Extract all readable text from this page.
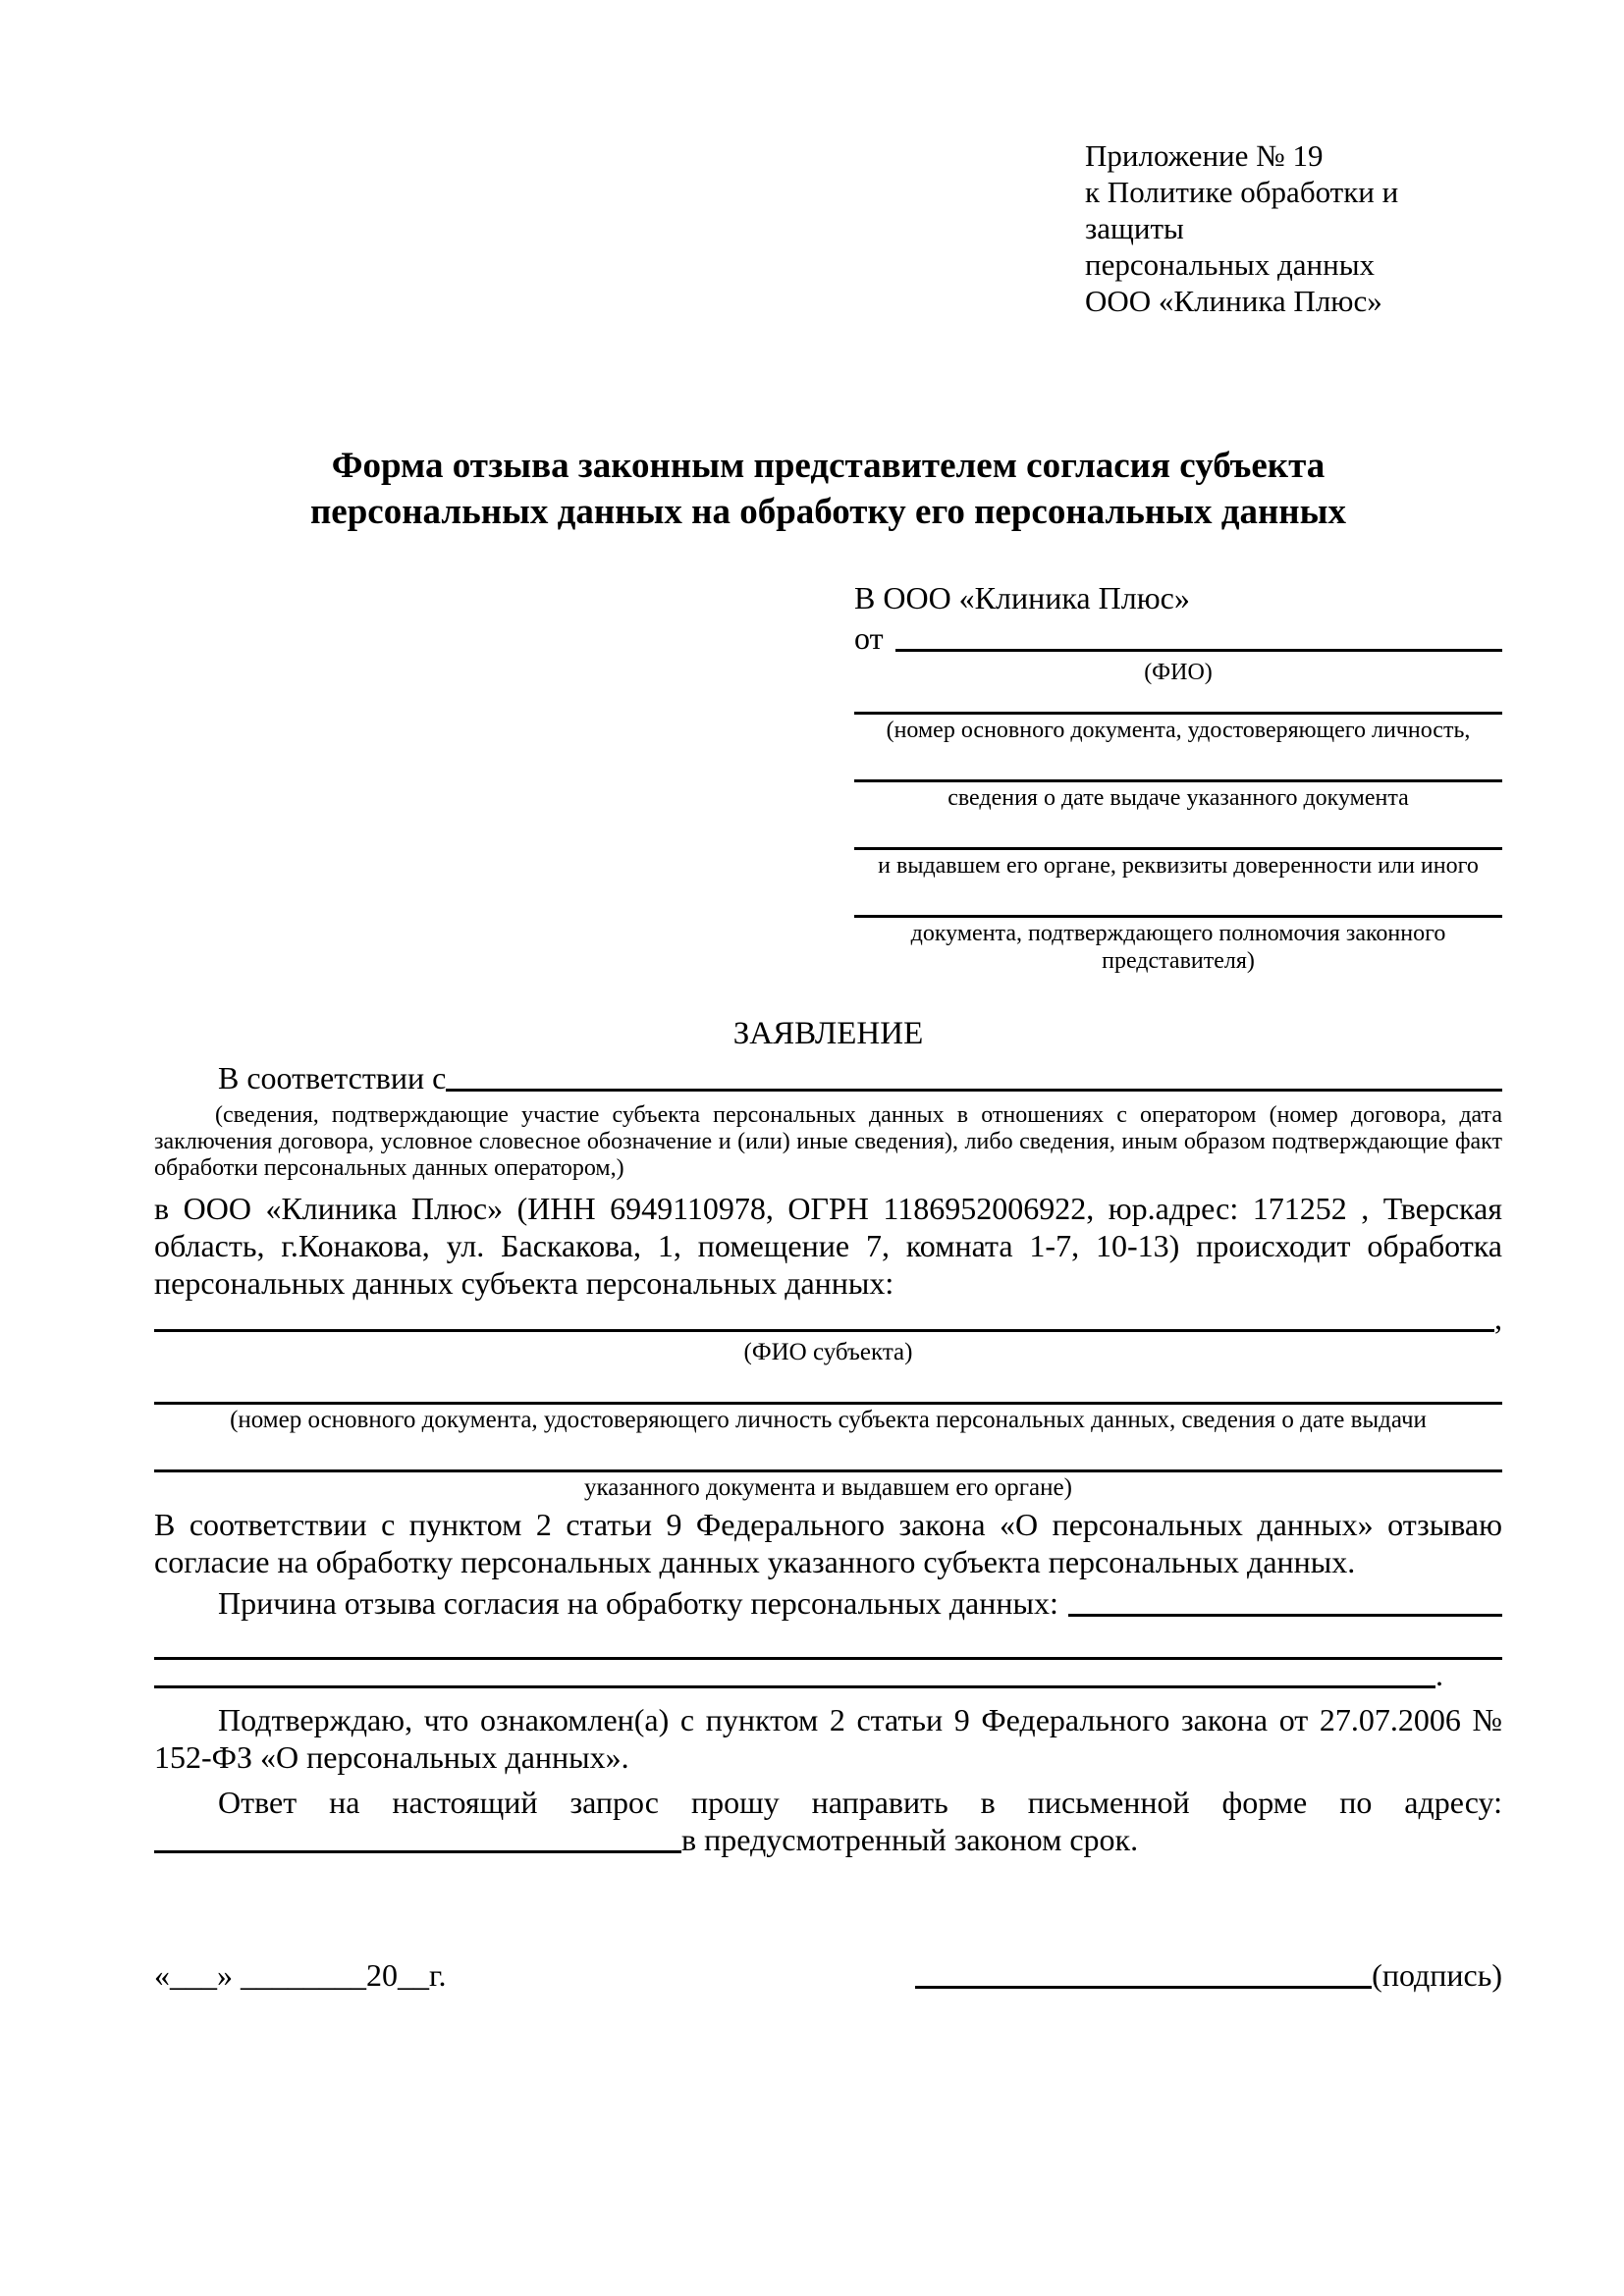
Приложение № 19
к Политике обработки и защиты
персональных данных
ООО «Клиника Плюс»
Форма отзыва законным представителем согласия субъекта
персональных данных на обработку его персональных данных
В ООО «Клиника Плюс»
от
(ФИО)
(номер основного документа, удостоверяющего личность,
сведения о дате выдаче указанного документа
и выдавшем его органе, реквизиты доверенности или иного
документа, подтверждающего полномочия законного представителя)
ЗАЯВЛЕНИЕ
В соответствии с
(сведения, подтверждающие участие субъекта персональных данных в отношениях с оператором (номер договора, дата заключения договора, условное словесное обозначение и (или) иные сведения), либо сведения, иным образом подтверждающие факт обработки персональных данных оператором,)
в ООО «Клиника Плюс» (ИНН 6949110978, ОГРН 1186952006922, юр.адрес: 171252 , Тверская область, г.Конакова, ул. Баскакова, 1, помещение 7, комната 1-7, 10-13) происходит обработка персональных данных субъекта персональных данных:
,
(ФИО субъекта)
(номер основного документа, удостоверяющего личность субъекта персональных данных, сведения о дате выдачи
указанного документа и выдавшем его органе)
В соответствии с пунктом 2 статьи 9 Федерального закона «О персональных данных» отзываю согласие на обработку персональных данных указанного субъекта персональных данных.
Причина отзыва согласия на обработку персональных данных:
.
Подтверждаю, что ознакомлен(а) с пунктом 2 статьи 9 Федерального закона от 27.07.2006 № 152-ФЗ «О персональных данных».
Ответ на настоящий запрос прошу направить в письменной форме по адресу:
в предусмотренный законом срок.
«___» ________20__г.	(подпись)
